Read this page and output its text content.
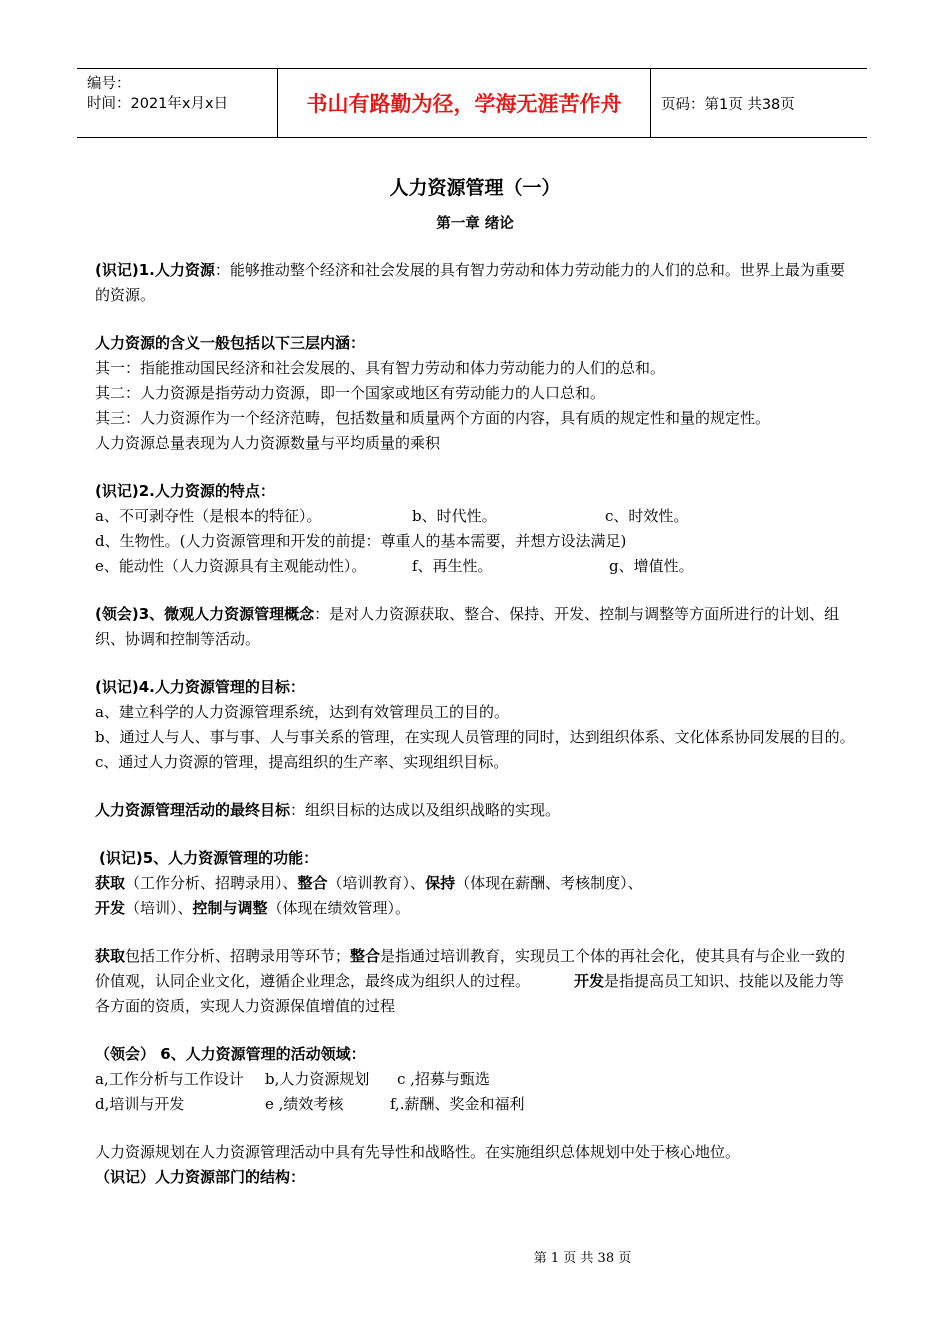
编号：
时间：2021年x月x日	书山有路勤为径，学海无涯苦作舟	页码：第1页 共38页
人力资源管理（一）
第一章 绪论

(识记)1.人力资源：能够推动整个经济和社会发展的具有智力劳动和体力劳动能力的人们的总和。世界上最为重要的资源。

人力资源的含义一般包括以下三层内涵：

其一：指能推动国民经济和社会发展的、具有智力劳动和体力劳动能力的人们的总和。

其二：人力资源是指劳动力资源，即一个国家或地区有劳动能力的人口总和。

其三：人力资源作为一个经济范畴，包括数量和质量两个方面的内容，具有质的规定性和量的规定性。

人力资源总量表现为人力资源数量与平均质量的乘积

(识记)2.人力资源的特点：

a、不可剥夺性（是根本的特征）。	b、时代性。	c、时效性。

d、生物性。(人力资源管理和开发的前提：尊重人的基本需要，并想方设法满足)

e、能动性（人力资源具有主观能动性）。	f、再生性。	g、增值性。

(领会)3、微观人力资源管理概念：是对人力资源获取、整合、保持、开发、控制与调整等方面所进行的计划、组织、协调和控制等活动。

(识记)4.人力资源管理的目标：

a、建立科学的人力资源管理系统，达到有效管理员工的目的。

b、通过人与人、事与事、人与事关系的管理，在实现人员管理的同时，达到组织体系、文化体系协同发展的目的。

c、通过人力资源的管理，提高组织的生产率、实现组织目标。

人力资源管理活动的最终目标：组织目标的达成以及组织战略的实现。

(识记)5、人力资源管理的功能：

获取（工作分析、招聘录用）、整合（培训教育）、保持（体现在薪酬、考核制度）、

开发（培训）、控制与调整（体现在绩效管理）。

获取包括工作分析、招聘录用等环节；整合是指通过培训教育，实现员工个体的再社会化，使其具有与企业一致的价值观，认同企业文化，遵循企业理念，最终成为组织人的过程。	开发是指提高员工知识、技能以及能力等各方面的资质，实现人力资源保值增值的过程

（领会） 6、人力资源管理的活动领域：

a,工作分析与工作设计	b,人力资源规划	c ,招募与甄选
d,培训与开发	e ,绩效考核	f,.薪酬、奖金和福利

人力资源规划在人力资源管理活动中具有先导性和战略性。在实施组织总体规划中处于核心地位。

（识记）人力资源部门的结构：

第 1 页 共 38 页
